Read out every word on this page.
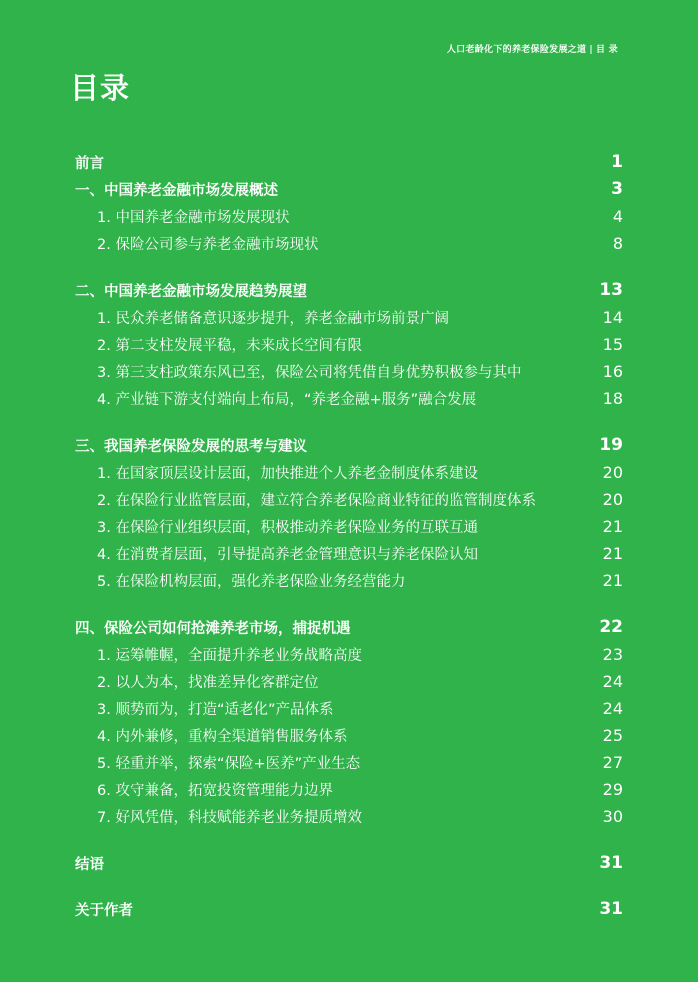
人口老龄化下的养老保险发展之道 | 目 录
目录
前言	1
一、中国养老金融市场发展概述	3
1. 中国养老金融市场发展现状	4
2. 保险公司参与养老金融市场现状	8
二、中国养老金融市场发展趋势展望	13
1. 民众养老储备意识逐步提升，养老金融市场前景广阔	14
2. 第二支柱发展平稳，未来成长空间有限	15
3. 第三支柱政策东风已至，保险公司将凭借自身优势积极参与其中	16
4. 产业链下游支付端向上布局，“养老金融+服务”融合发展	18
三、我国养老保险发展的思考与建议	19
1. 在国家顶层设计层面，加快推进个人养老金制度体系建设	20
2. 在保险行业监管层面，建立符合养老保险商业特征的监管制度体系	20
3. 在保险行业组织层面，积极推动养老保险业务的互联互通	21
4. 在消费者层面，引导提高养老金管理意识与养老保险认知	21
5. 在保险机构层面，强化养老保险业务经营能力	21
四、保险公司如何抢滩养老市场，捕捉机遇	22
1. 运筹帷幄，全面提升养老业务战略高度	23
2. 以人为本，找准差异化客群定位	24
3. 顺势而为，打造“适老化”产品体系	24
4. 内外兼修，重构全渠道销售服务体系	25
5. 轻重并举，探索“保险+医养”产业生态	27
6. 攻守兼备，拓宽投资管理能力边界	29
7. 好风凭借，科技赋能养老业务提质增效	30
结语	31
关于作者	31
